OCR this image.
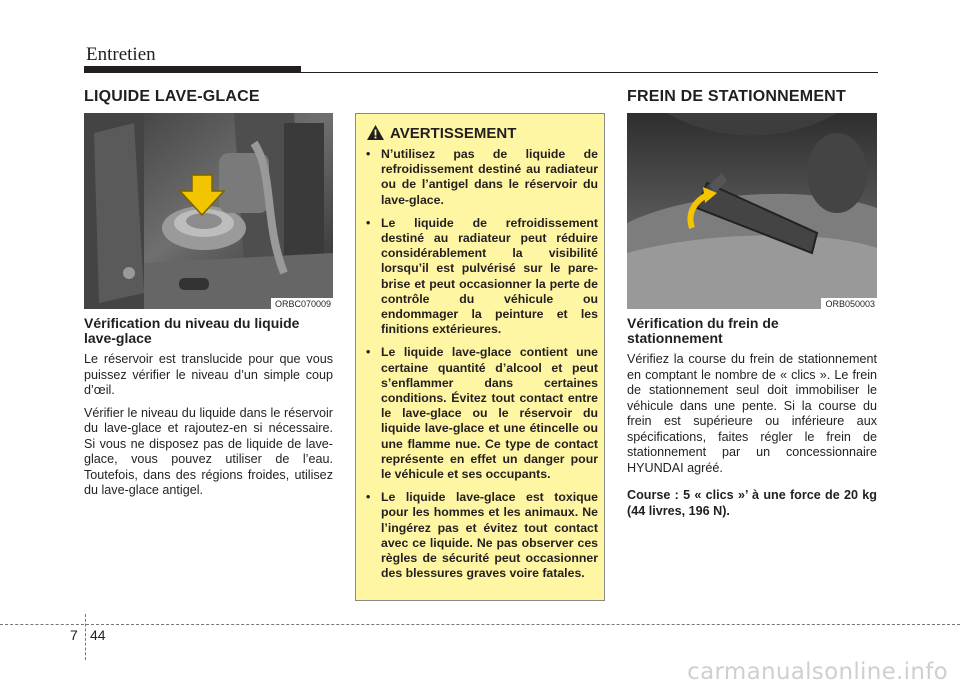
Entretien
LIQUIDE LAVE-GLACE
ORBC070009
Vérification du niveau du liquide lave-glace

Le réservoir est translucide pour que vous puissez vérifier le niveau d’un simple coup d’œil.

Vérifier le niveau du liquide dans le réservoir du lave-glace et rajoutez-en si nécessaire. Si vous ne disposez pas de liquide de lave-glace, vous pouvez utiliser de l’eau. Toutefois, dans des régions froides, utilisez du lave-glace antigel.

AVERTISSEMENT
• N’utilisez pas de liquide de refroidissement destiné au radiateur ou de l’antigel dans le réservoir du lave-glace.
• Le liquide de refroidissement destiné au radiateur peut réduire considérablement la visibilité lorsqu’il est pulvérisé sur le pare-brise et peut occasionner la perte de contrôle du véhicule ou endommager la peinture et les finitions extérieures.
• Le liquide lave-glace contient une certaine quantité d’alcool et peut s’enflammer dans certaines conditions. Évitez tout contact entre le lave-glace ou le réservoir du liquide lave-glace et une étincelle ou une flamme nue. Ce type de contact représente en effet un danger pour le véhicule et ses occupants.
• Le liquide lave-glace est toxique pour les hommes et les animaux. Ne l’ingérez pas et évitez tout contact avec ce liquide. Ne pas observer ces règles de sécurité peut occasionner des blessures graves voire fatales.
FREIN DE STATIONNEMENT
ORB050003
Vérification du frein de stationnement

Vérifiez la course du frein de stationnement en comptant le nombre de « clics ». Le frein de stationnement seul doit immobiliser le véhicule dans une pente. Si la course du frein est supérieure ou inférieure aux spécifications, faites régler le frein de stationnement par un concessionnaire HYUNDAI agréé.

Course : 5 « clics »’ à une force de 20 kg (44 livres, 196 N).

7 44
carmanualsonline.info
